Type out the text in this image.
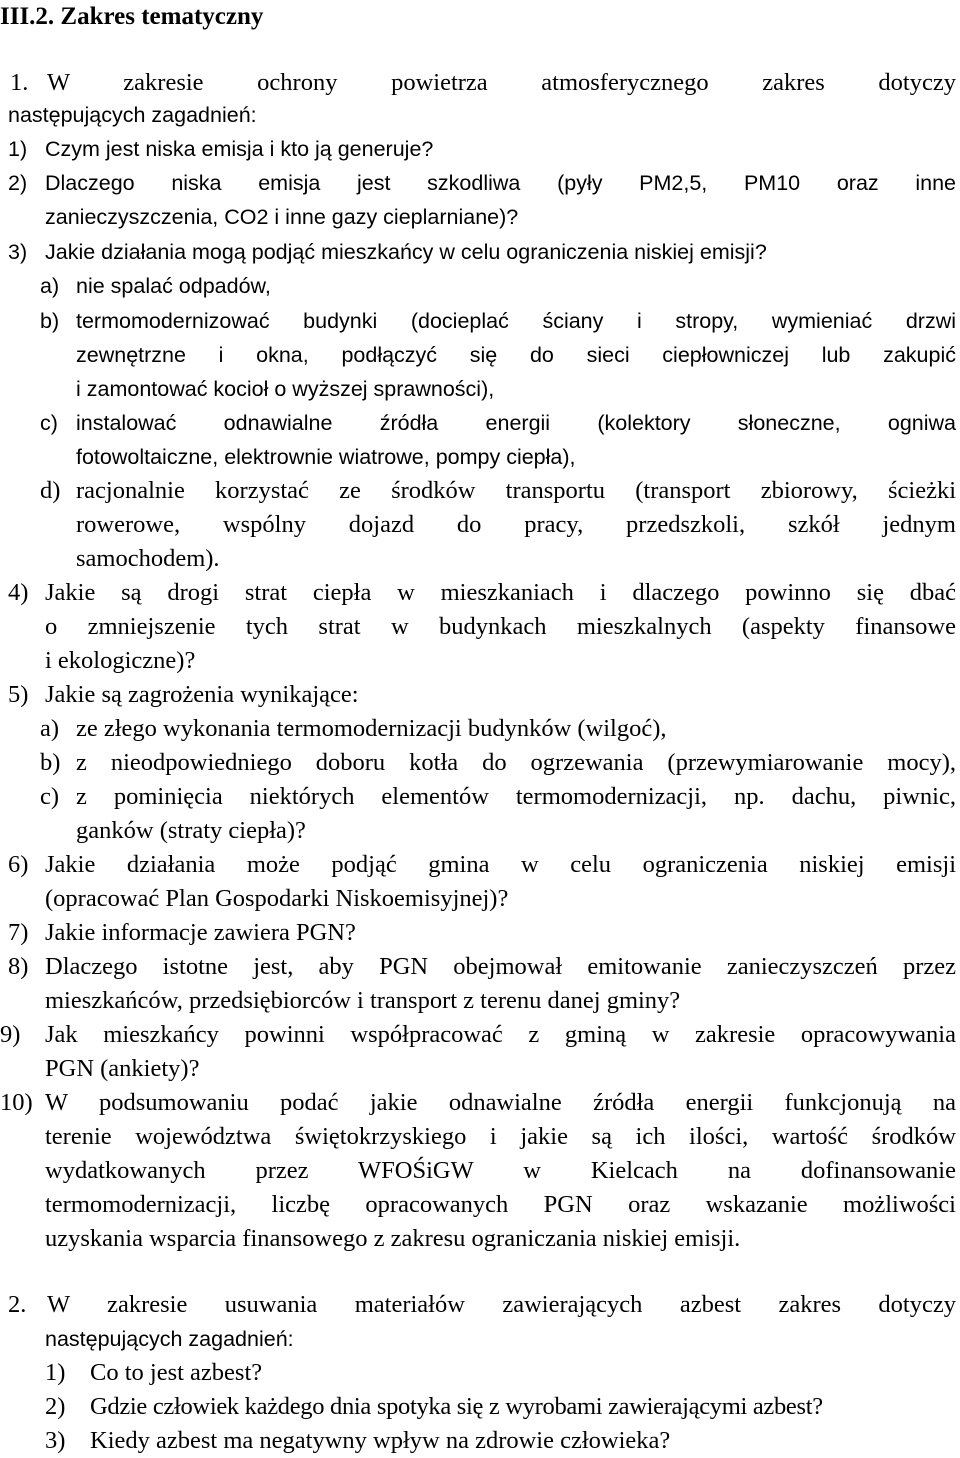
III.2. Zakres tematyczny
1. W zakresie ochrony powietrza atmosferycznego zakres dotyczy
następujących zagadnień:
1) Czym jest niska emisja i kto ją generuje?
2) Dlaczego niska emisja jest szkodliwa (pyły PM2,5, PM10 oraz inne
zanieczyszczenia, CO2 i inne gazy cieplarniane)?
3) Jakie działania mogą podjąć mieszkańcy w celu ograniczenia niskiej emisji?
a) nie spalać odpadów,
b) termomodernizować budynki (docieplać ściany i stropy, wymieniać drzwi
zewnętrzne i okna, podłączyć się do sieci ciepłowniczej lub zakupić
i zamontować kocioł o wyższej sprawności),
c) instalować odnawialne źródła energii (kolektory słoneczne, ogniwa
fotowoltaiczne, elektrownie wiatrowe, pompy ciepła),
d) racjonalnie korzystać ze środków transportu (transport zbiorowy, ścieżki
rowerowe, wspólny dojazd do pracy, przedszkoli, szkół jednym
samochodem).
4) Jakie są drogi strat ciepła w mieszkaniach i dlaczego powinno się dbać
o zmniejszenie tych strat w budynkach mieszkalnych (aspekty finansowe
i ekologiczne)?
5) Jakie są zagrożenia wynikające:
a) ze złego wykonania termomodernizacji budynków (wilgoć),
b) z nieodpowiedniego doboru kotła do ogrzewania (przewymiarowanie mocy),
c) z pominięcia niektórych elementów termomodernizacji, np. dachu, piwnic,
ganków (straty ciepła)?
6) Jakie działania może podjąć gmina w celu ograniczenia niskiej emisji
(opracować Plan Gospodarki Niskoemisyjnej)?
7) Jakie informacje zawiera PGN?
8) Dlaczego istotne jest, aby PGN obejmował emitowanie zanieczyszczeń przez
mieszkańców, przedsiębiorców i transport z terenu danej gminy?
9) Jak mieszkańcy powinni współpracować z gminą w zakresie opracowywania
PGN (ankiety)?
10) W podsumowaniu podać jakie odnawialne źródła energii funkcjonują na
terenie województwa świętokrzyskiego i jakie są ich ilości, wartość środków
wydatkowanych przez WFOŚiGW w Kielcach na dofinansowanie
termomodernizacji, liczbę opracowanych PGN oraz wskazanie możliwości
uzyskania wsparcia finansowego z zakresu ograniczania niskiej emisji.
2. W zakresie usuwania materiałów zawierających azbest zakres dotyczy
następujących zagadnień:
1) Co to jest azbest?
2) Gdzie człowiek każdego dnia spotyka się z wyrobami zawierającymi azbest?
3) Kiedy azbest ma negatywny wpływ na zdrowie człowieka?
